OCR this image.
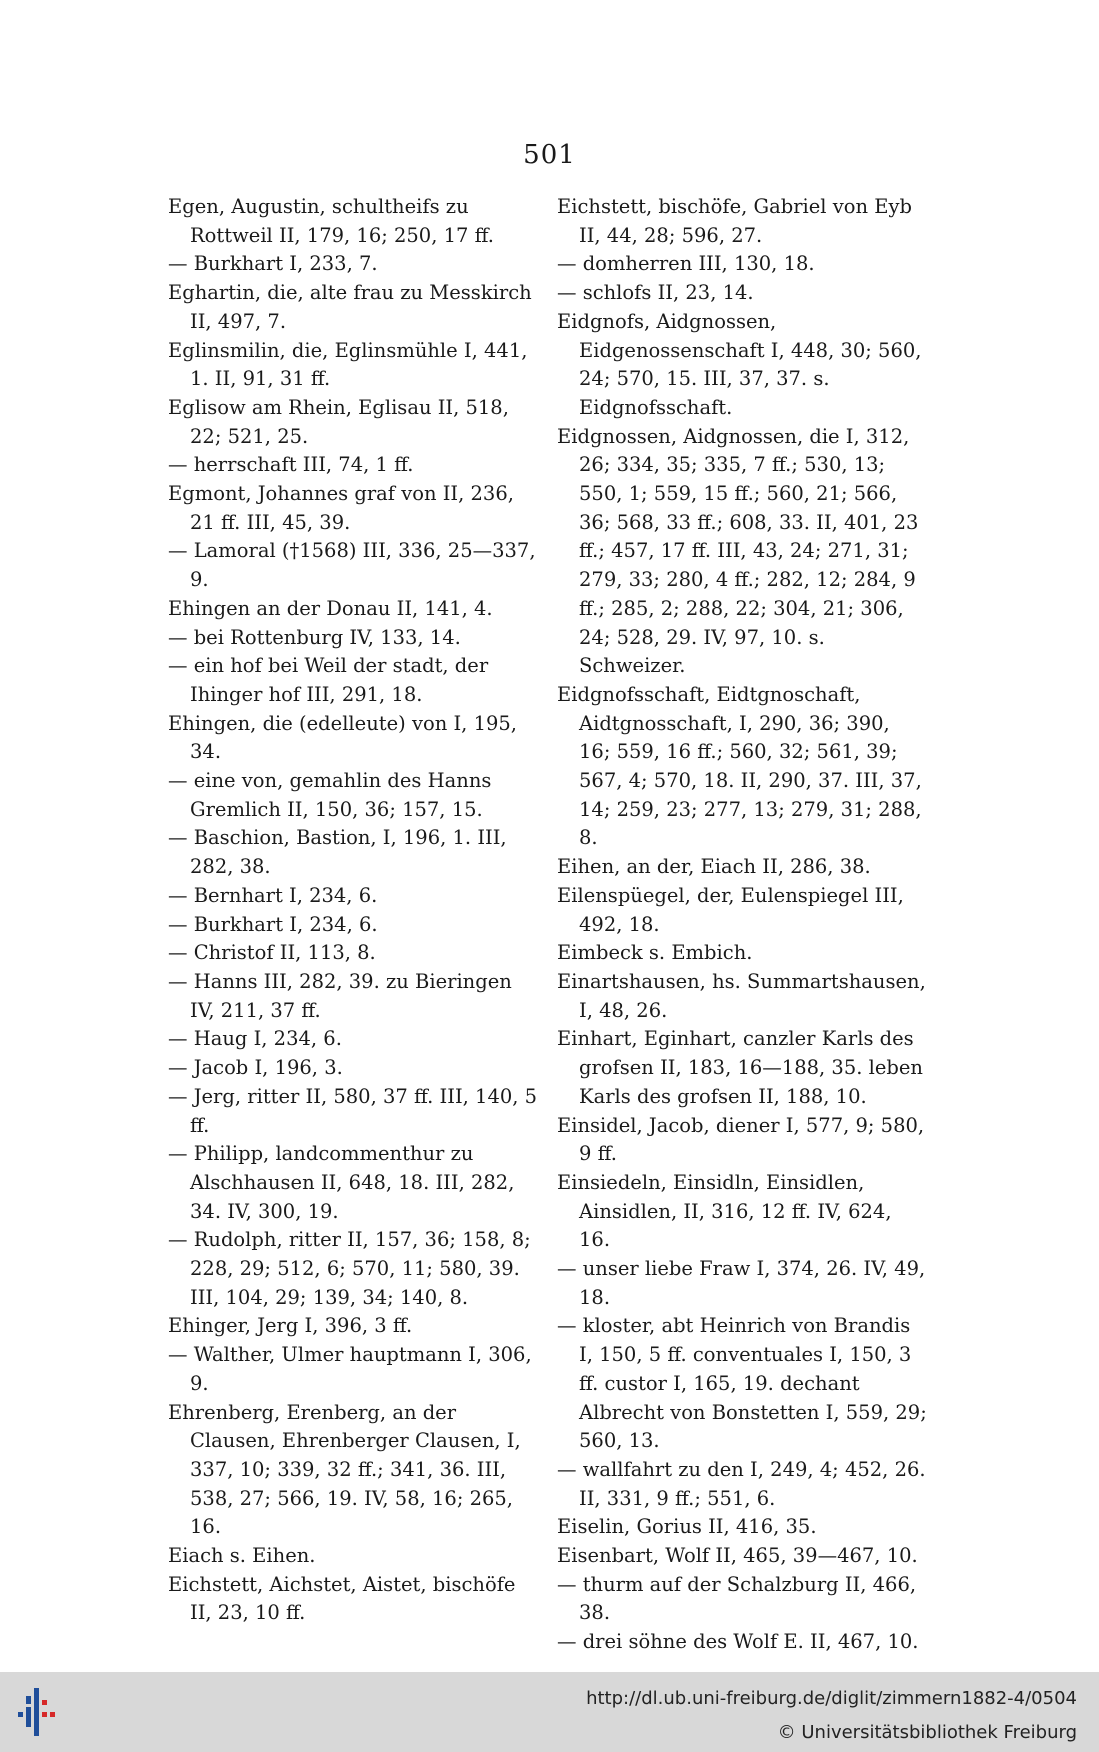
501
Egen, Augustin, schultheifs zu Rottweil II, 179, 16; 250, 17 ff.
— Burkhart I, 233, 7.
Eghartin, die, alte frau zu Messkirch II, 497, 7.
Eglinsmilin, die, Eglinsmühle I, 441, 1. II, 91, 31 ff.
Eglisow am Rhein, Eglisau II, 518, 22; 521, 25.
— herrschaft III, 74, 1 ff.
Egmont, Johannes graf von II, 236, 21 ff. III, 45, 39.
— Lamoral (†1568) III, 336, 25—337, 9.
Ehingen an der Donau II, 141, 4.
— bei Rottenburg IV, 133, 14.
— ein hof bei Weil der stadt, der Ihinger hof III, 291, 18.
Ehingen, die (edelleute) von I, 195, 34.
— eine von, gemahlin des Hanns Gremlich II, 150, 36; 157, 15.
— Baschion, Bastion, I, 196, 1. III, 282, 38.
— Bernhart I, 234, 6.
— Burkhart I, 234, 6.
— Christof II, 113, 8.
— Hanns III, 282, 39. zu Bieringen IV, 211, 37 ff.
— Haug I, 234, 6.
— Jacob I, 196, 3.
— Jerg, ritter II, 580, 37 ff. III, 140, 5 ff.
— Philipp, landcommenthur zu Alschhausen II, 648, 18. III, 282, 34. IV, 300, 19.
— Rudolph, ritter II, 157, 36; 158, 8; 228, 29; 512, 6; 570, 11; 580, 39. III, 104, 29; 139, 34; 140, 8.
Ehinger, Jerg I, 396, 3 ff.
— Walther, Ulmer hauptmann I, 306, 9.
Ehrenberg, Erenberg, an der Clausen, Ehrenberger Clausen, I, 337, 10; 339, 32 ff.; 341, 36. III, 538, 27; 566, 19. IV, 58, 16; 265, 16.
Eiach s. Eihen.
Eichstett, Aichstet, Aistet, bischöfe II, 23, 10 ff.
Eichstett, bischöfe, Gabriel von Eyb II, 44, 28; 596, 27.
— domherren III, 130, 18.
— schlofs II, 23, 14.
Eidgnofs, Aidgnossen, Eidgenossenschaft I, 448, 30; 560, 24; 570, 15. III, 37, 37. s. Eidgnofsschaft.
Eidgnossen, Aidgnossen, die I, 312, 26; 334, 35; 335, 7 ff.; 530, 13; 550, 1; 559, 15 ff.; 560, 21; 566, 36; 568, 33 ff.; 608, 33. II, 401, 23 ff.; 457, 17 ff. III, 43, 24; 271, 31; 279, 33; 280, 4 ff.; 282, 12; 284, 9 ff.; 285, 2; 288, 22; 304, 21; 306, 24; 528, 29. IV, 97, 10. s. Schweizer.
Eidgnofsschaft, Eidtgnoschaft, Aidtgnosschaft, I, 290, 36; 390, 16; 559, 16 ff.; 560, 32; 561, 39; 567, 4; 570, 18. II, 290, 37. III, 37, 14; 259, 23; 277, 13; 279, 31; 288, 8.
Eihen, an der, Eiach II, 286, 38.
Eilenspüegel, der, Eulenspiegel III, 492, 18.
Eimbeck s. Embich.
Einartshausen, hs. Summartshausen, I, 48, 26.
Einhart, Eginhart, canzler Karls des grofsen II, 183, 16—188, 35. leben Karls des grofsen II, 188, 10.
Einsidel, Jacob, diener I, 577, 9; 580, 9 ff.
Einsiedeln, Einsidln, Einsidlen, Ainsidlen, II, 316, 12 ff. IV, 624, 16.
— unser liebe Fraw I, 374, 26. IV, 49, 18.
— kloster, abt Heinrich von Brandis I, 150, 5 ff. conventuales I, 150, 3 ff. custor I, 165, 19. dechant Albrecht von Bonstetten I, 559, 29; 560, 13.
— wallfahrt zu den I, 249, 4; 452, 26. II, 331, 9 ff.; 551, 6.
Eiselin, Gorius II, 416, 35.
Eisenbart, Wolf II, 465, 39—467, 10.
— thurm auf der Schalzburg II, 466, 38.
— drei söhne des Wolf E. II, 467, 10.
http://dl.ub.uni-freiburg.de/diglit/zimmern1882-4/0504
© Universitätsbibliothek Freiburg
